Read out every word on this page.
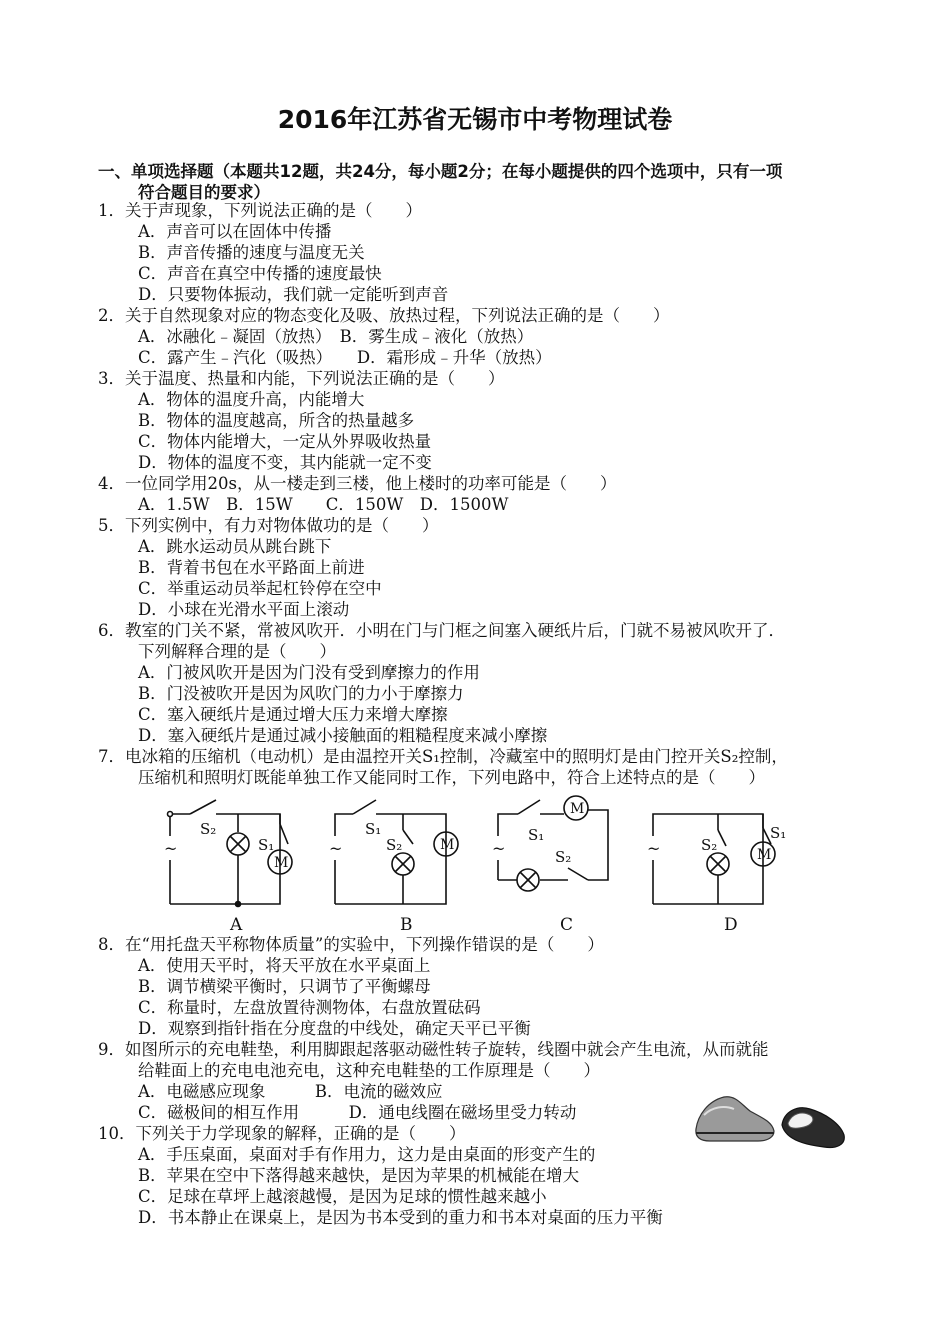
2016年江苏省无锡市中考物理试卷
一、单项选择题（本题共12题，共24分，每小题2分；在每小题提供的四个选项中，只有一项
符合题目的要求）
1．关于声现象，下列说法正确的是（　　）
A．声音可以在固体中传播
B．声音传播的速度与温度无关
C．声音在真空中传播的速度最快
D．只要物体振动，我们就一定能听到声音
2．关于自然现象对应的物态变化及吸、放热过程，下列说法正确的是（　　）
A．冰融化﹣凝固（放热）　B．雾生成﹣液化（放热）
C．露产生﹣汽化（吸热）　　D．霜形成﹣升华（放热）
3．关于温度、热量和内能，下列说法正确的是（　　）
A．物体的温度升高，内能增大
B．物体的温度越高，所含的热量越多
C．物体内能增大，一定从外界吸收热量
D．物体的温度不变，其内能就一定不变
4．一位同学用20s，从一楼走到三楼，他上楼时的功率可能是（　　）
A．1.5W　B．15W　　C．150W　D．1500W
5．下列实例中，有力对物体做功的是（　　）
A．跳水运动员从跳台跳下
B．背着书包在水平路面上前进
C．举重运动员举起杠铃停在空中
D．小球在光滑水平面上滚动
6．教室的门关不紧，常被风吹开．小明在门与门框之间塞入硬纸片后，门就不易被风吹开了．
下列解释合理的是（　　）
A．门被风吹开是因为门没有受到摩擦力的作用
B．门没被吹开是因为风吹门的力小于摩擦力
C．塞入硬纸片是通过增大压力来增大摩擦
D．塞入硬纸片是通过减小接触面的粗糙程度来减小摩擦
7．电冰箱的压缩机（电动机）是由温控开关S₁控制，冷藏室中的照明灯是由门控开关S₂控制，
压缩机和照明灯既能单独工作又能同时工作，下列电路中，符合上述特点的是（　　）
S₂
S₁
M
~
A
S₁
S₂	M
~
B
S₁
S₂
M
~
C
S₂
S₁
M
~
D
8．在“用托盘天平称物体质量”的实验中，下列操作错误的是（　　）
A．使用天平时，将天平放在水平桌面上
B．调节横梁平衡时，只调节了平衡螺母
C．称量时，左盘放置待测物体，右盘放置砝码
D．观察到指针指在分度盘的中线处，确定天平已平衡
9．如图所示的充电鞋垫，利用脚跟起落驱动磁性转子旋转，线圈中就会产生电流，从而就能
给鞋面上的充电电池充电，这种充电鞋垫的工作原理是（　　）
A．电磁感应现象　　　B．电流的磁效应
C．磁极间的相互作用　　　D．通电线圈在磁场里受力转动
10．下列关于力学现象的解释，正确的是（　　）
A．手压桌面，桌面对手有作用力，这力是由桌面的形变产生的
B．苹果在空中下落得越来越快，是因为苹果的机械能在增大
C．足球在草坪上越滚越慢，是因为足球的惯性越来越小
D．书本静止在课桌上，是因为书本受到的重力和书本对桌面的压力平衡
